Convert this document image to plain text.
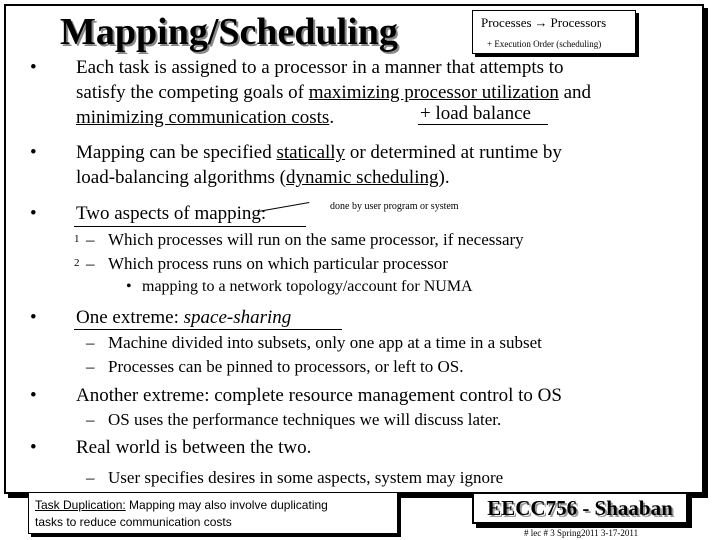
Mapping/Scheduling	Processes → Processors
+ Execution Order (scheduling)
• Each task is assigned to a processor in a manner that attempts to
satisfy the competing goals of maximizing processor utilization and
minimizing communication costs.	+ load balance
• Mapping can be specified statically or determined at runtime by
load-balancing algorithms (dynamic scheduling).
• Two aspects of mapping:	done by user program or system
1
2
– Which processes will run on the same processor, if necessary
– Which process runs on which particular processor
• mapping to a network topology/account for NUMA
• One extreme: space-sharing
– Machine divided into subsets, only one app at a time in a subset
– Processes can be pinned to processors, or left to OS.
• Another extreme: complete resource management control to OS
– OS uses the performance techniques we will discuss later.
• Real world is between the two.
– User specifies desires in some aspects, system may ignore
Task Duplication: Mapping may also involve duplicating
tasks to reduce communication costs
EECC756 - Shaaban
# lec # 3 Spring2011 3-17-2011
